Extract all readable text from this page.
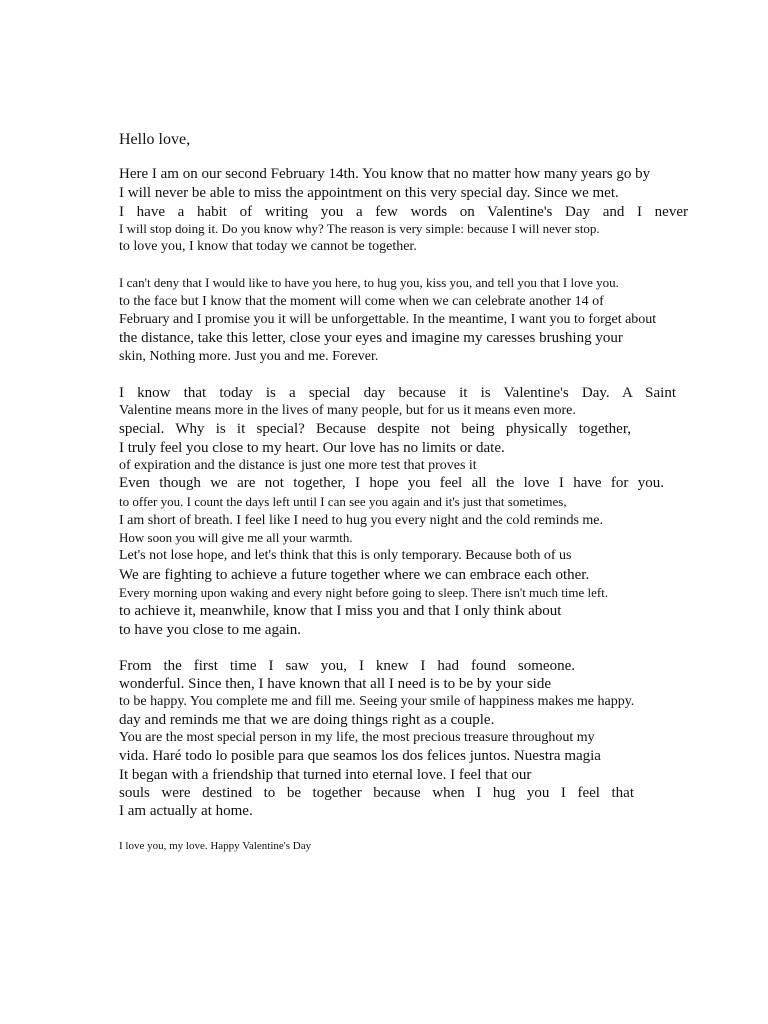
Hello love,
Here I am on our second February 14th. You know that no matter how many years go by
I will never be able to miss the appointment on this very special day. Since we met.
I have a habit of writing you a few words on Valentine's Day and I never
I will stop doing it. Do you know why? The reason is very simple: because I will never stop.
to love you, I know that today we cannot be together.
I can't deny that I would like to have you here, to hug you, kiss you, and tell you that I love you.
to the face but I know that the moment will come when we can celebrate another 14 of
February and I promise you it will be unforgettable. In the meantime, I want you to forget about
the distance, take this letter, close your eyes and imagine my caresses brushing your
skin, Nothing more. Just you and me. Forever.
I know that today is a special day because it is Valentine's Day. A Saint
Valentine means more in the lives of many people, but for us it means even more.
special. Why is it special? Because despite not being physically together,
I truly feel you close to my heart. Our love has no limits or date.
of expiration and the distance is just one more test that proves it
Even though we are not together, I hope you feel all the love I have for you.
to offer you. I count the days left until I can see you again and it's just that sometimes,
I am short of breath. I feel like I need to hug you every night and the cold reminds me.
How soon you will give me all your warmth.
Let's not lose hope, and let's think that this is only temporary. Because both of us
We are fighting to achieve a future together where we can embrace each other.
Every morning upon waking and every night before going to sleep. There isn't much time left.
to achieve it, meanwhile, know that I miss you and that I only think about
to have you close to me again.
From the first time I saw you, I knew I had found someone.
wonderful. Since then, I have known that all I need is to be by your side
to be happy. You complete me and fill me. Seeing your smile of happiness makes me happy.
day and reminds me that we are doing things right as a couple.
You are the most special person in my life, the most precious treasure throughout my
vida. Haré todo lo posible para que seamos los dos felices juntos. Nuestra magia
It began with a friendship that turned into eternal love. I feel that our
souls were destined to be together because when I hug you I feel that
I am actually at home.
I love you, my love. Happy Valentine's Day
